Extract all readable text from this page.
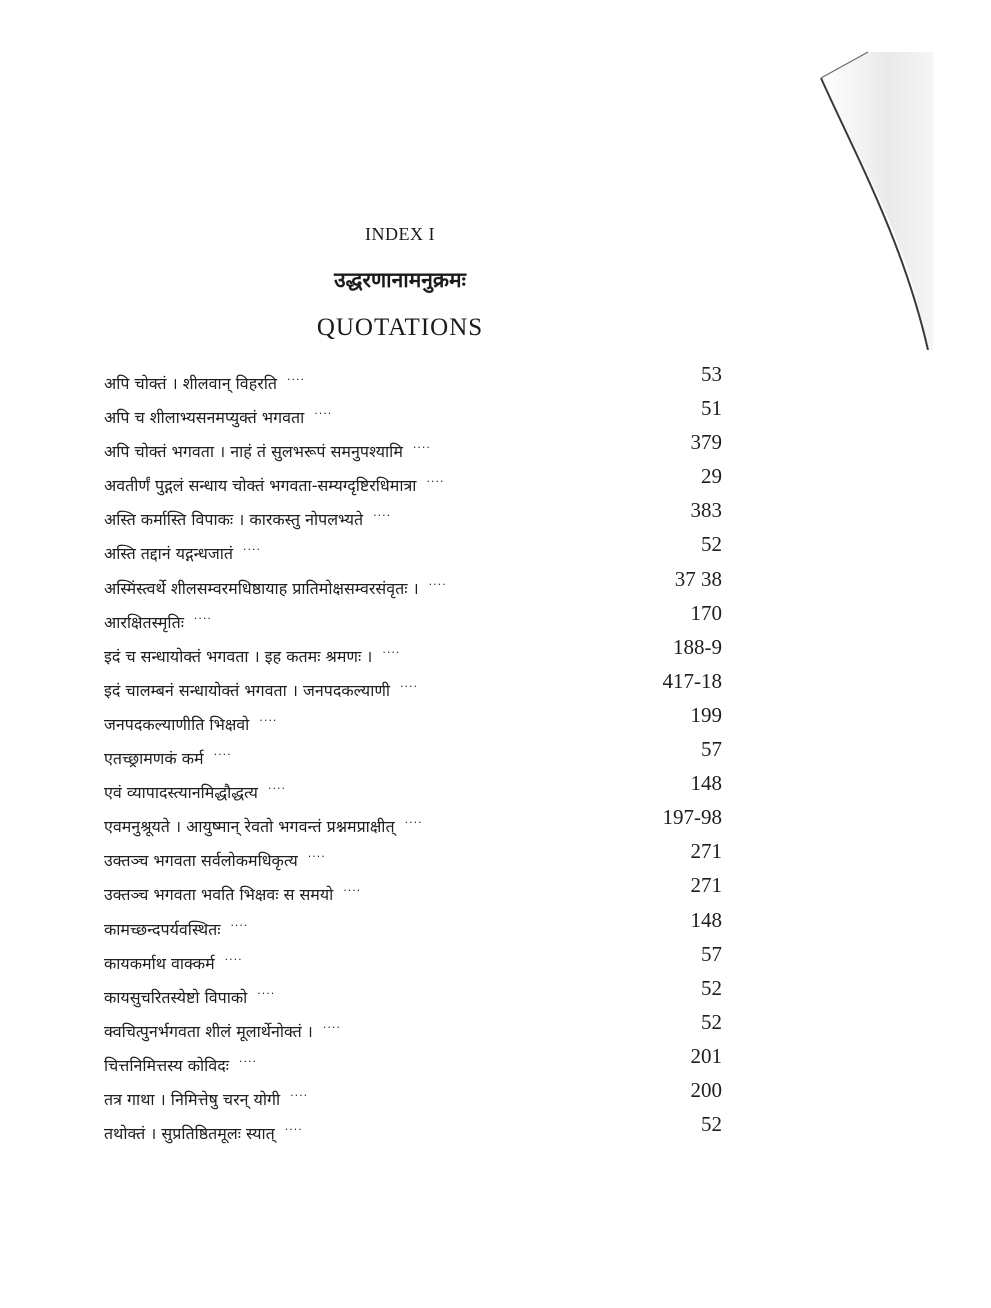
INDEX I
उद्धरणानामनुक्रमः
QUOTATIONS
अपि चोक्तं । शीलवान् विहरति ····	53
अपि च शीलाभ्यसनमप्युक्तं भगवता ····	51
अपि चोक्तं भगवता । नाहं तं सुलभरूपं समनुपश्यामि ····	379
अवतीर्णं पुद्गलं सन्धाय चोक्तं भगवता-सम्यग्दृष्टिरधिमात्रा ····	29
अस्ति कर्मास्ति विपाकः । कारकस्तु नोपलभ्यते ····	383
अस्ति तद्दानं यद्गन्धजातं ····	52
अस्मिंस्त्वर्थे शीलसम्वरमधिष्ठायाह प्रातिमोक्षसम्वरसंवृतः । ····	37 38
आरक्षितस्मृतिः ····	170
इदं च सन्धायोक्तं भगवता । इह कतमः श्रमणः । ····	188-9
इदं चालम्बनं सन्धायोक्तं भगवता । जनपदकल्याणी ····	417-18
जनपदकल्याणीति भिक्षवो ····	199
एतच्छ्रामणकं कर्म ····	57
एवं व्यापादस्त्यानमिद्धौद्धत्य ····	148
एवमनुश्रूयते । आयुष्मान् रेवतो भगवन्तं प्रश्नमप्राक्षीत् ····	197-98
उक्तञ्च भगवता सर्वलोकमधिकृत्य ····	271
उक्तञ्च भगवता भवति भिक्षवः स समयो ····	271
कामच्छन्दपर्यवस्थितः ····	148
कायकर्माथ वाक्कर्म ····	57
कायसुचरितस्येष्टो विपाको ····	52
क्वचित्पुनर्भगवता शीलं मूलार्थेनोक्तं । ····	52
चित्तनिमित्तस्य कोविदः ····	201
तत्र गाथा । निमित्तेषु चरन् योगी ····	200
तथोक्तं । सुप्रतिष्ठितमूलः स्यात् ····	52
